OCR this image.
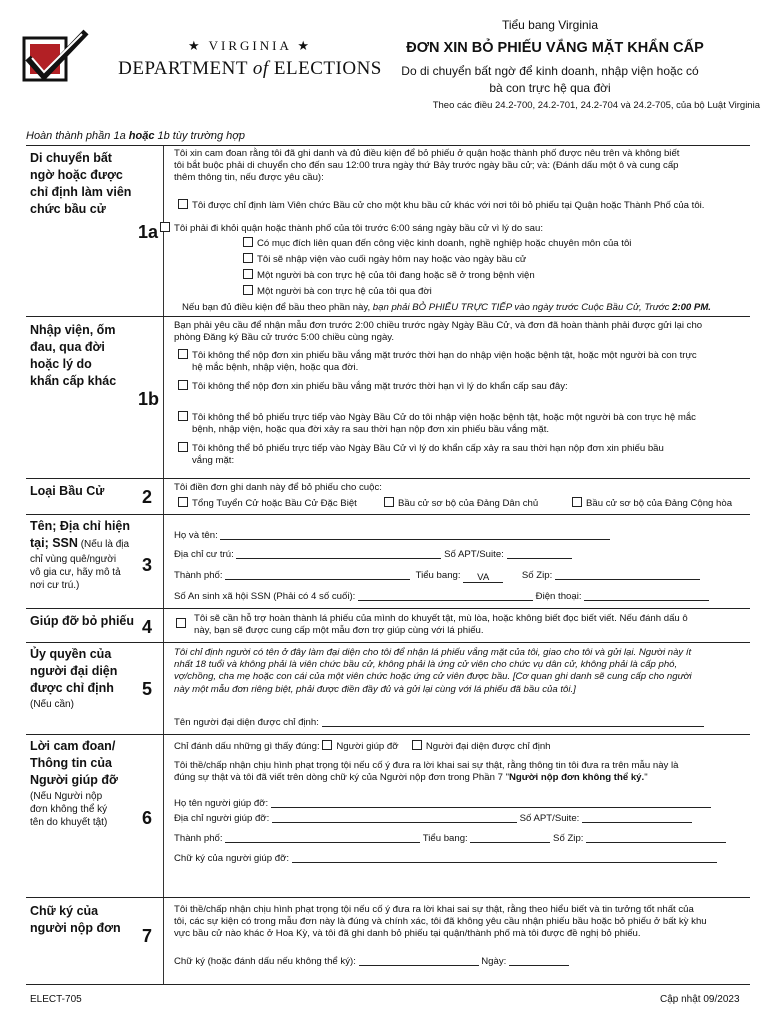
★ VIRGINIA ★
DEPARTMENT of ELECTIONS
Tiểu bang Virginia
ĐƠN XIN BỎ PHIẾU VẮNG MẶT KHẨN CẤP
Do di chuyển bất ngờ để kinh doanh, nhập viện hoặc có
bà con trực hệ qua đời
Theo các điều 24.2-700, 24.2-701, 24.2-704 và 24.2-705, của bộ Luật Virginia
Hoàn thành phần 1a hoặc 1b tùy trường hợp
Di chuyển bất
ngờ hoặc được
chỉ định làm viên
chức bầu cử
1a
Tôi xin cam đoan rằng tôi đã ghi danh và đủ điều kiện để bỏ phiếu ở quận hoặc thành phố được nêu trên và không biết
tôi bắt buộc phải di chuyển cho đến sau 12:00 trưa ngày thứ Bảy trước ngày bầu cử; và: (Đánh dấu một ô và cung cấp
thêm thông tin, nếu được yêu cầu):
Tôi được chỉ định làm Viên chức Bầu cử cho một khu bầu cử khác với nơi tôi bỏ phiếu tại Quận hoặc Thành Phố của tôi.
Tôi phải đi khỏi quận hoặc thành phố của tôi trước 6:00 sáng ngày bầu cử vì lý do sau:
Có mục đích liên quan đến công việc kinh doanh, nghề nghiệp hoặc chuyên môn của tôi
Tôi sẽ nhập viện vào cuối ngày hôm nay hoặc vào ngày bầu cử
Một người bà con trực hệ của tôi đang hoặc sẽ ở trong bệnh viện
Một người bà con trực hệ của tôi qua đời
Nếu bạn đủ điều kiện để bầu theo phần này, bạn phải BỎ PHIẾU TRỰC TIẾP vào ngày trước Cuộc Bầu Cử, Trước 2:00 PM.
Nhập viện, ốm
đau, qua đời
hoặc lý do
khẩn cấp khác
1b
Bạn phải yêu cầu để nhận mẫu đơn trước 2:00 chiều trước ngày Ngày Bầu Cử, và đơn đã hoàn thành phải được gửi lại cho
phòng Đăng ký Bầu cử trước 5:00 chiều cùng ngày.
Tôi không thể nộp đơn xin phiếu bầu vắng mặt trước thời hạn do nhập viện hoặc bệnh tật, hoặc một người bà con trực
hệ mắc bệnh, nhập viện, hoặc qua đời.
Tôi không thể nộp đơn xin phiếu bầu vắng mặt trước thời hạn vì lý do khẩn cấp sau đây:
Tôi không thể bỏ phiếu trực tiếp vào Ngày Bầu Cử do tôi nhập viện hoặc bệnh tật, hoặc một người bà con trực hệ mắc
bệnh, nhập viện, hoặc qua đời xảy ra sau thời hạn nộp đơn xin phiếu bầu vắng mặt.
Tôi không thể bỏ phiếu trực tiếp vào Ngày Bầu Cử vì lý do khẩn cấp xảy ra sau thời hạn nộp đơn xin phiếu bầu
vắng mặt:
Loại Bầu Cử	2 Tôi điền đơn ghi danh này để bỏ phiếu cho cuộc:
Tổng Tuyển Cử hoặc Bầu Cử Đặc Biệt	Bầu cử sơ bộ của Đảng Dân chủ	Bầu cử sơ bộ của Đảng Cộng hòa
Tên; Địa chỉ hiện
tại; SSN (Nếu là địa
chỉ vùng quê/người
vô gia cư, hãy mô tả
nơi cư trú.)
3
Họ và tên:
Địa chỉ cư trú:	Số APT/Suite:
Thành phố:	Tiểu bang: VA	Số Zip:
Số An sinh xã hội SSN (Phải có 4 số cuối):	Điện thoại:
Giúp đỡ bỏ phiếu 4	Tôi sẽ cần hỗ trợ hoàn thành lá phiếu của mình do khuyết tật, mù lòa, hoặc không biết đọc biết viết. Nếu đánh dấu ô
này, bạn sẽ được cung cấp một mẫu đơn trợ giúp cùng với lá phiếu.
Ủy quyền của
người đại diện
được chỉ định
(Nếu cần)
5
Tôi chỉ định người có tên ở đây làm đại diện cho tôi để nhận lá phiếu vắng mặt của tôi, giao cho tôi và gửi lại. Người này ít
nhất 18 tuổi và không phải là viên chức bầu cử, không phải là ứng cử viên cho chức vụ dân cử, không phải là cấp phó,
vợ/chồng, cha mẹ hoặc con cái của một viên chức hoặc ứng cử viên được bầu. [Cơ quan ghi danh sẽ cung cấp cho người
này một mẫu đơn riêng biệt, phải được điền đầy đủ và gửi lại cùng với lá phiếu đã bầu của tôi.]
Tên người đại diện được chỉ định:
Lời cam đoan/
Thông tin của
Người giúp đỡ
(Nếu Người nộp
đơn không thể ký
tên do khuyết tật)	6
Chỉ đánh dấu những gì thấy đúng: Người giúp đỡ	Người đại diện được chỉ định
Tôi thề/chấp nhận chịu hình phạt trọng tội nếu cố ý đưa ra lời khai sai sự thật, rằng thông tin tôi đưa ra trên mẫu này là
đúng sự thật và tôi đã viết trên dòng chữ ký của Người nộp đơn trong Phần 7 "Người nộp đơn không thể ký."
Họ tên người giúp đỡ:
Địa chỉ người giúp đỡ:	Số APT/Suite:
Thành phố:	Tiểu bang:	Số Zip:
Chữ ký của người giúp đỡ:
Chữ ký của
người nộp đơn	7
Tôi thề/chấp nhận chịu hình phạt trọng tội nếu cố ý đưa ra lời khai sai sự thật, rằng theo hiểu biết và tin tưởng tốt nhất của
tôi, các sự kiện có trong mẫu đơn này là đúng và chính xác, tôi đã không yêu cầu nhận phiếu bầu hoặc bỏ phiếu ở bất kỳ khu
vực bầu cử nào khác ở Hoa Kỳ, và tôi đã ghi danh bỏ phiếu tại quận/thành phố mà tôi được đề nghị bỏ phiếu.
Chữ ký (hoặc đánh dấu nếu không thể ký):	Ngày:
ELECT-705	Cập nhật 09/2023
